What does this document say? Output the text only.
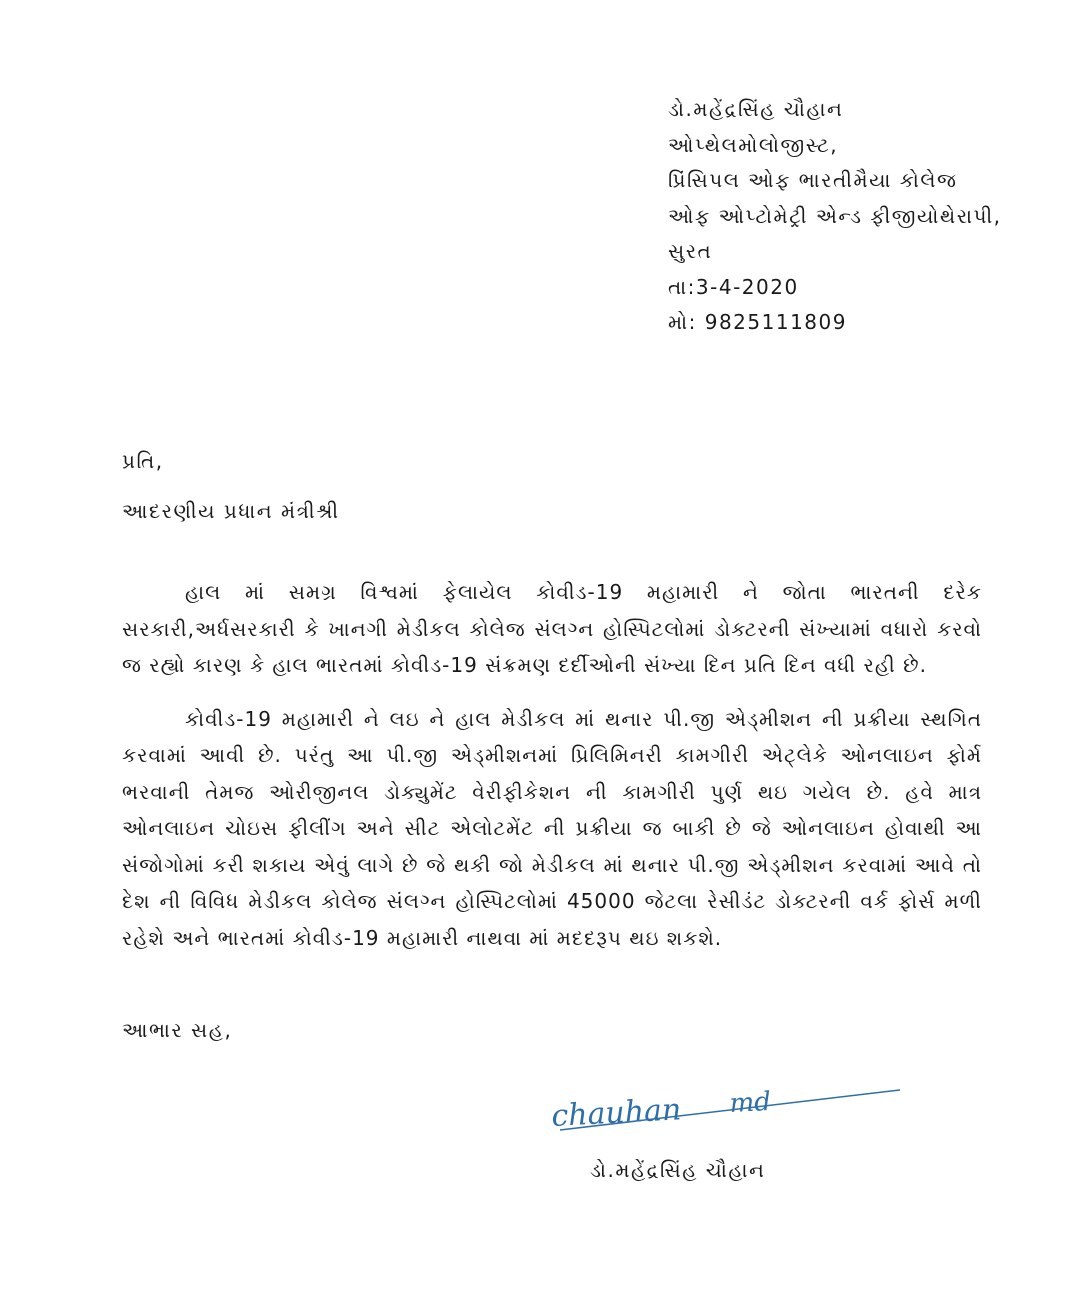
ડો.મહેંદ્રસિંહ ચૌહાન
ઓપ્થેલમોલોજીસ્ટ,
પ્રિંસિપલ ઓફ ભારતીમૈયા કોલેજ
ઓફ ઓપ્ટોમેટ્રી એન્ડ ફીજીયોથેરાપી,
સુરત
તા:3-4-2020
મો: 9825111809
પ્રતિ,
આદરણીય પ્રધાન મંત્રીશ્રી

હાલ માં સમગ્ર વિશ્વમાં ફેલાયેલ કોવીડ-19 મહામારી ને જોતા ભારતની દરેક સરકારી,અર્ધસરકારી કે ખાનગી મેડીકલ કોલેજ સંલગ્ન હોસ્પિટલોમાં ડોક્ટરની સંખ્યામાં વધારો કરવો જ રહ્યો કારણ કે હાલ ભારતમાં કોવીડ-19 સંક્રમણ દર્દીઓની સંખ્યા દિન પ્રતિ દિન વધી રહી છે.

કોવીડ-19 મહામારી ને લઇ ને હાલ મેડીકલ માં થનાર પી.જી એડ્મીશન ની પ્રક્રીયા સ્થગિત કરવામાં આવી છે. પરંતુ આ પી.જી એડ્મીશનમાં પ્રિલિમિનરી કામગીરી એટ્લેકે ઓનલાઇન ફોર્મ ભરવાની તેમજ ઓરીજીનલ ડોક્યુમેંટ વેરીફીકેશન ની કામગીરી પુર્ણ થઇ ગયેલ છે. હવે માત્ર ઓનલાઇન ચોઇસ ફીલીંગ અને સીટ એલોટમેંટ ની પ્રક્રીયા જ બાકી છે જે ઓનલાઇન હોવાથી આ સંજોગોમાં કરી શકાય એવું લાગે છે જે થકી જો મેડીકલ માં થનાર પી.જી એડ્મીશન કરવામાં આવે તો દેશ ની વિવિધ મેડીકલ કોલેજ સંલગ્ન હોસ્પિટલોમાં 45000 જેટલા રેસીડંટ ડોક્ટરની વર્ક ફોર્સ મળી રહેશે અને ભારતમાં કોવીડ-19 મહામારી નાથવા માં મદદરૂપ થઇ શકશે.

આભાર સહ,
chauhan md
ડો.મહેંદ્રસિંહ ચૌહાન
